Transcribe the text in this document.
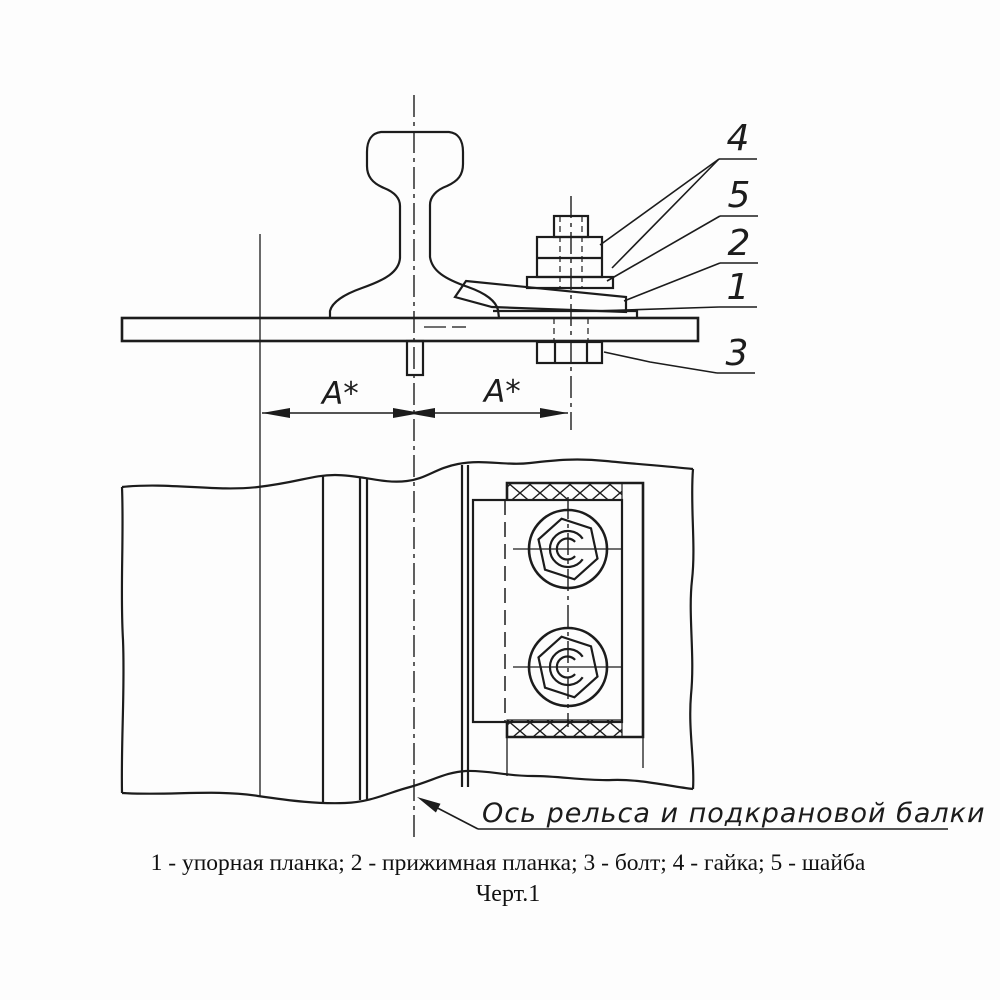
А*	А*
4
5
2
1
3
Ось рельса и подкрановой балки
1 - упорная планка; 2 - прижимная планка; 3 - болт; 4 - гайка; 5 - шайба
Черт.1
